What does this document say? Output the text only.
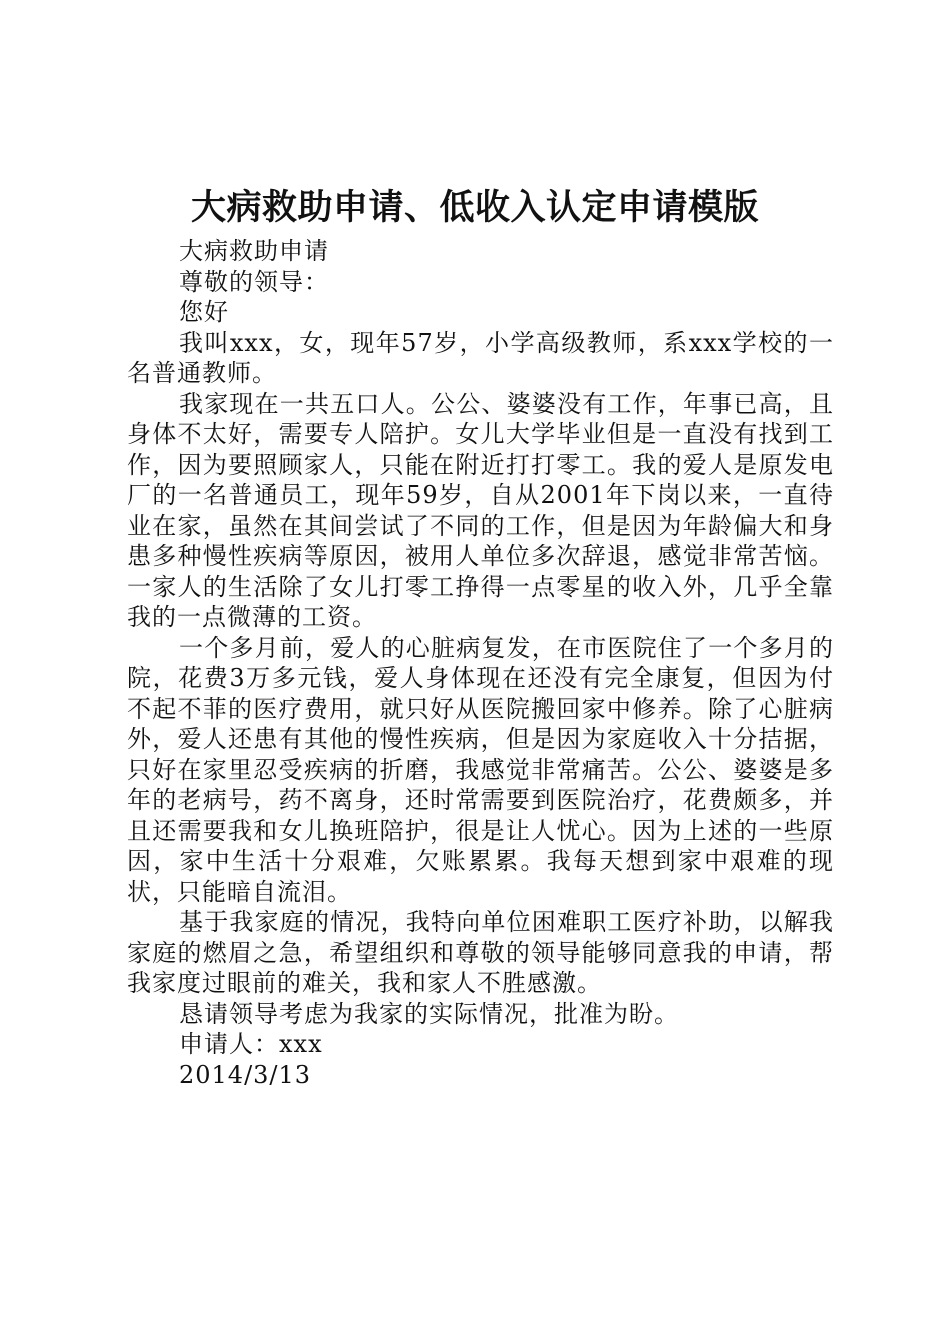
大病救助申请、低收入认定申请模版

大病救助申请

尊敬的领导：

您好

我叫xxx，女，现年57岁，小学高级教师，系xxx学校的一名普通教师。

我家现在一共五口人。公公、婆婆没有工作，年事已高，且身体不太好，需要专人陪护。女儿大学毕业但是一直没有找到工作，因为要照顾家人，只能在附近打打零工。我的爱人是原发电厂的一名普通员工，现年59岁，自从2001年下岗以来，一直待业在家，虽然在其间尝试了不同的工作，但是因为年龄偏大和身患多种慢性疾病等原因，被用人单位多次辞退，感觉非常苦恼。一家人的生活除了女儿打零工挣得一点零星的收入外，几乎全靠我的一点微薄的工资。

一个多月前，爱人的心脏病复发，在市医院住了一个多月的院，花费3万多元钱，爱人身体现在还没有完全康复，但因为付不起不菲的医疗费用，就只好从医院搬回家中修养。除了心脏病外，爱人还患有其他的慢性疾病，但是因为家庭收入十分拮据，只好在家里忍受疾病的折磨，我感觉非常痛苦。公公、婆婆是多年的老病号，药不离身，还时常需要到医院治疗，花费颇多，并且还需要我和女儿换班陪护，很是让人忧心。因为上述的一些原因，家中生活十分艰难，欠账累累。我每天想到家中艰难的现状，只能暗自流泪。

基于我家庭的情况，我特向单位困难职工医疗补助，以解我家庭的燃眉之急，希望组织和尊敬的领导能够同意我的申请，帮我家度过眼前的难关，我和家人不胜感激。

恳请领导考虑为我家的实际情况，批准为盼。

申请人：xxx

2014/3/13
